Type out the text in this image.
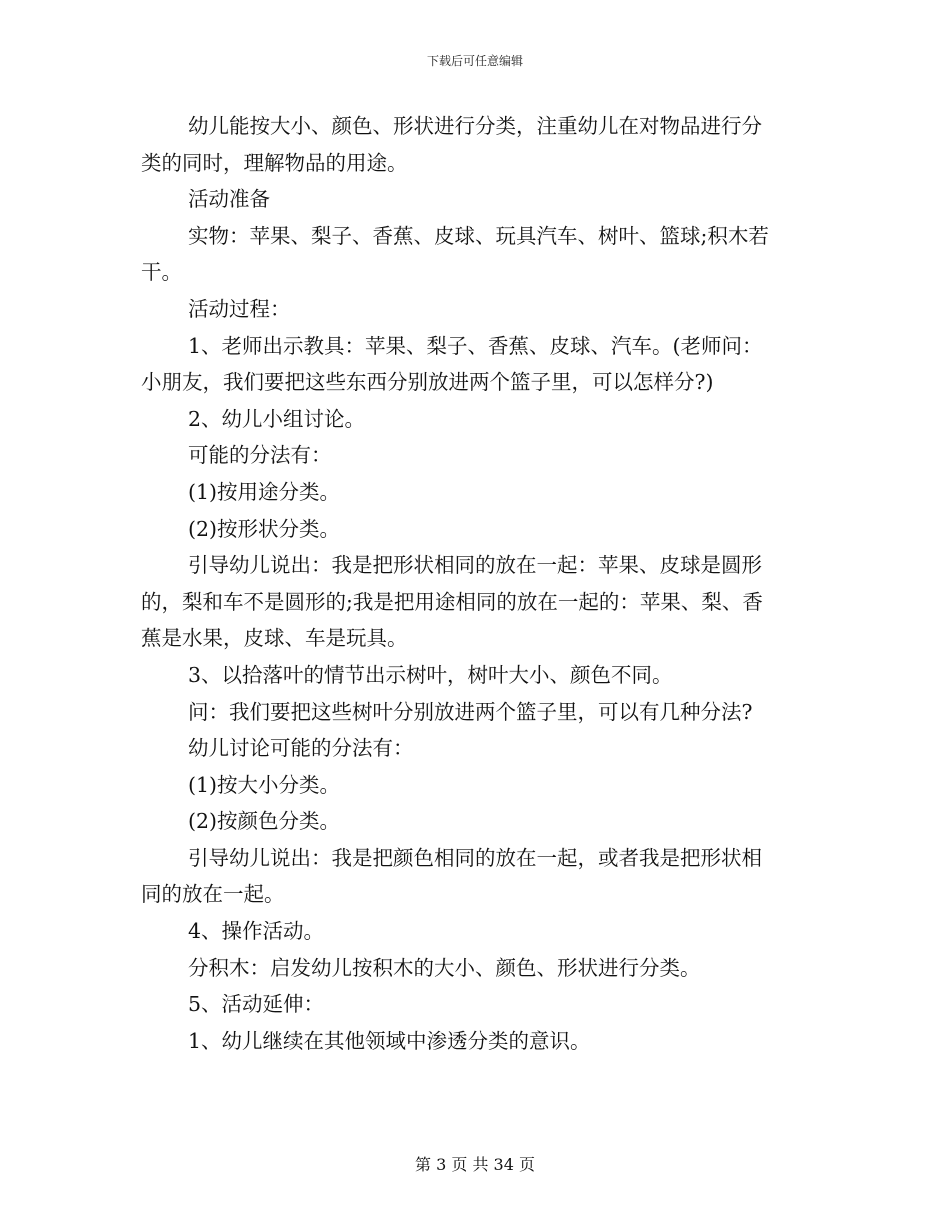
下载后可任意编辑

幼儿能按大小、颜色、形状进行分类，注重幼儿在对物品进行分

类的同时，理解物品的用途。

活动准备

实物：苹果、梨子、香蕉、皮球、玩具汽车、树叶、篮球;积木若

干。

活动过程：

1、老师出示教具：苹果、梨子、香蕉、皮球、汽车。(老师问：

小朋友，我们要把这些东西分别放进两个篮子里，可以怎样分?)

2、幼儿小组讨论。

可能的分法有：

(1)按用途分类。

(2)按形状分类。

引导幼儿说出：我是把形状相同的放在一起：苹果、皮球是圆形

的，梨和车不是圆形的;我是把用途相同的放在一起的：苹果、梨、香

蕉是水果，皮球、车是玩具。

3、以拾落叶的情节出示树叶，树叶大小、颜色不同。

问：我们要把这些树叶分别放进两个篮子里，可以有几种分法?

幼儿讨论可能的分法有：

(1)按大小分类。

(2)按颜色分类。

引导幼儿说出：我是把颜色相同的放在一起，或者我是把形状相

同的放在一起。

4、操作活动。

分积木：启发幼儿按积木的大小、颜色、形状进行分类。

5、活动延伸：

1、幼儿继续在其他领域中渗透分类的意识。

第 3 页 共 34 页
